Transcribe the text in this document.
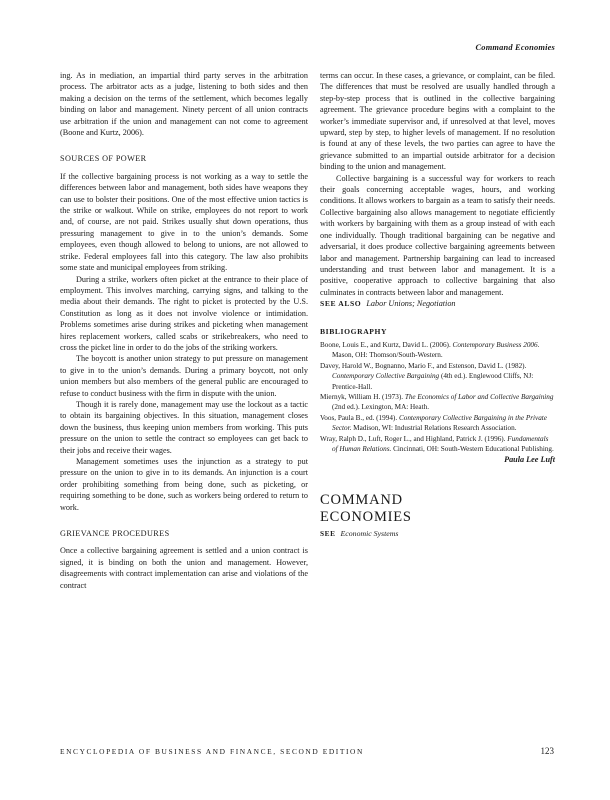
Command Economies

ing. As in mediation, an impartial third party serves in the arbitration process. The arbitrator acts as a judge, listening to both sides and then making a decision on the terms of the settlement, which becomes legally binding on labor and management. Ninety percent of all union contracts use arbitration if the union and management can not come to agreement (Boone and Kurtz, 2006).

SOURCES OF POWER

If the collective bargaining process is not working as a way to settle the differences between labor and management, both sides have weapons they can use to bolster their positions. One of the most effective union tactics is the strike or walkout. While on strike, employees do not report to work and, of course, are not paid. Strikes usually shut down operations, thus pressuring management to give in to the union’s demands. Some employees, even though allowed to belong to unions, are not allowed to strike. Federal employees fall into this category. The law also prohibits some state and municipal employees from striking.

During a strike, workers often picket at the entrance to their place of employment. This involves marching, carrying signs, and talking to the media about their demands. The right to picket is protected by the U.S. Constitution as long as it does not involve violence or intimidation. Problems sometimes arise during strikes and picketing when management hires replacement workers, called scabs or strikebreakers, who need to cross the picket line in order to do the jobs of the striking workers.

The boycott is another union strategy to put pressure on management to give in to the union’s demands. During a primary boycott, not only union members but also members of the general public are encouraged to refuse to conduct business with the firm in dispute with the union.

Though it is rarely done, management may use the lockout as a tactic to obtain its bargaining objectives. In this situation, management closes down the business, thus keeping union members from working. This puts pressure on the union to settle the contract so employees can get back to their jobs and receive their wages.

Management sometimes uses the injunction as a strategy to put pressure on the union to give in to its demands. An injunction is a court order prohibiting something from being done, such as picketing, or requiring something to be done, such as workers being ordered to return to work.

GRIEVANCE PROCEDURES

Once a collective bargaining agreement is settled and a union contract is signed, it is binding on both the union and management. However, disagreements with contract implementation can arise and violations of the contract

terms can occur. In these cases, a grievance, or complaint, can be filed. The differences that must be resolved are usually handled through a step-by-step process that is outlined in the collective bargaining agreement. The grievance procedure begins with a complaint to the worker’s immediate supervisor and, if unresolved at that level, moves upward, step by step, to higher levels of management. If no resolution is found at any of these levels, the two parties can agree to have the grievance submitted to an impartial outside arbitrator for a decision binding to the union and management.

Collective bargaining is a successful way for workers to reach their goals concerning acceptable wages, hours, and working conditions. It allows workers to bargain as a team to satisfy their needs. Collective bargaining also allows management to negotiate efficiently with workers by bargaining with them as a group instead of with each one individually. Though traditional bargaining can be negative and adversarial, it does produce collective bargaining agreements between labor and management. Partnership bargaining can lead to increased understanding and trust between labor and management. It is a positive, cooperative approach to collective bargaining that also culminates in contracts between labor and management.

SEE ALSO Labor Unions; Negotiation

BIBLIOGRAPHY

Boone, Louis E., and Kurtz, David L. (2006). Contemporary Business 2006. Mason, OH: Thomson/South-Western.

Davey, Harold W., Bognanno, Mario F., and Estenson, David L. (1982). Contemporary Collective Bargaining (4th ed.). Englewood Cliffs, NJ: Prentice-Hall.

Miernyk, William H. (1973). The Economics of Labor and Collective Bargaining (2nd ed.). Lexington, MA: Heath.

Voos, Paula B., ed. (1994). Contemporary Collective Bargaining in the Private Sector. Madison, WI: Industrial Relations Research Association.

Wray, Ralph D., Luft, Roger L., and Highland, Patrick J. (1996). Fundamentals of Human Relations. Cincinnati, OH: South-Western Educational Publishing.

Paula Lee Luft

COMMAND
ECONOMIES
SEE Economic Systems
ENCYCLOPEDIA OF BUSINESS AND FINANCE, SECOND EDITION	123
